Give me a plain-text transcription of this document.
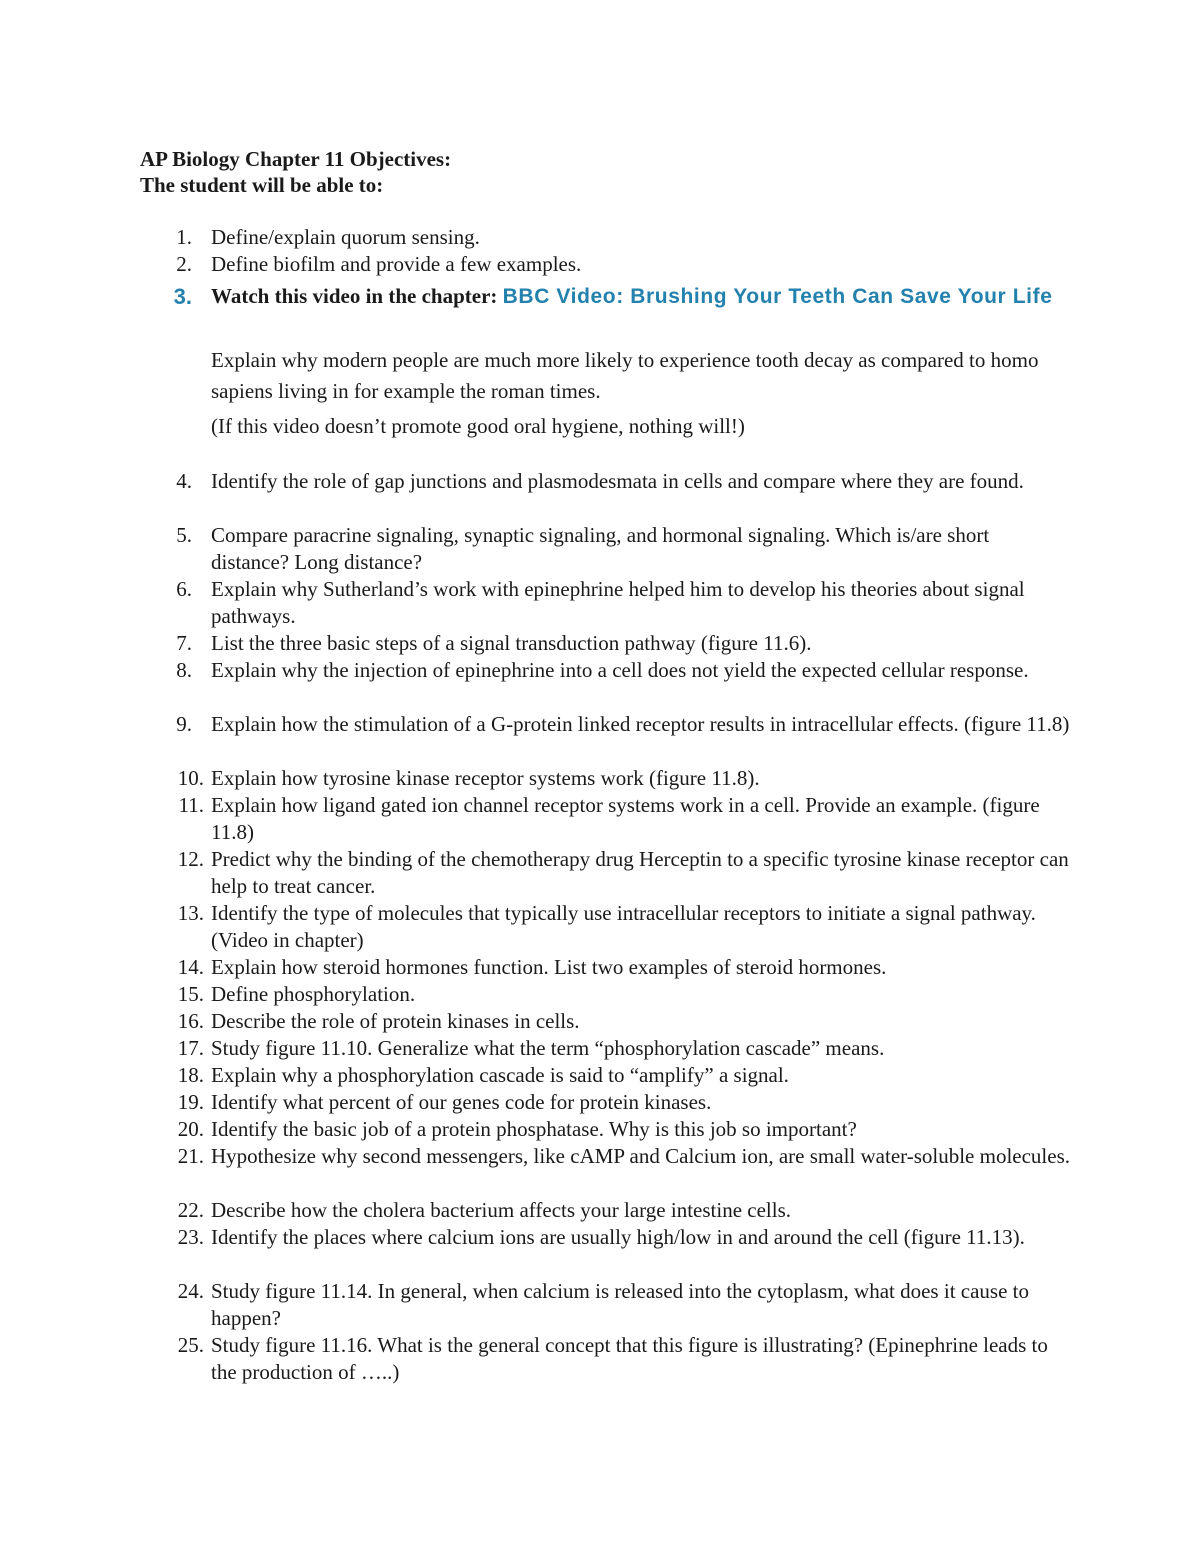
AP Biology Chapter 11 Objectives:
The student will be able to:
1. Define/explain quorum sensing.
2. Define biofilm and provide a few examples.
3. Watch this video in the chapter: BBC Video: Brushing Your Teeth Can Save Your Life
Explain why modern people are much more likely to experience tooth decay as compared to homo sapiens living in for example the roman times.
(If this video doesn’t promote good oral hygiene, nothing will!)
4. Identify the role of gap junctions and plasmodesmata in cells and compare where they are found.
5. Compare paracrine signaling, synaptic signaling, and hormonal signaling. Which is/are short distance? Long distance?
6. Explain why Sutherland’s work with epinephrine helped him to develop his theories about signal pathways.
7. List the three basic steps of a signal transduction pathway (figure 11.6).
8. Explain why the injection of epinephrine into a cell does not yield the expected cellular response.
9. Explain how the stimulation of a G-protein linked receptor results in intracellular effects. (figure 11.8)
10. Explain how tyrosine kinase receptor systems work (figure 11.8).
11. Explain how ligand gated ion channel receptor systems work in a cell. Provide an example. (figure 11.8)
12. Predict why the binding of the chemotherapy drug Herceptin to a specific tyrosine kinase receptor can help to treat cancer.
13. Identify the type of molecules that typically use intracellular receptors to initiate a signal pathway. (Video in chapter)
14. Explain how steroid hormones function. List two examples of steroid hormones.
15. Define phosphorylation.
16. Describe the role of protein kinases in cells.
17. Study figure 11.10. Generalize what the term “phosphorylation cascade” means.
18. Explain why a phosphorylation cascade is said to “amplify” a signal.
19. Identify what percent of our genes code for protein kinases.
20. Identify the basic job of a protein phosphatase. Why is this job so important?
21. Hypothesize why second messengers, like cAMP and Calcium ion, are small water-soluble molecules.
22. Describe how the cholera bacterium affects your large intestine cells.
23. Identify the places where calcium ions are usually high/low in and around the cell (figure 11.13).
24. Study figure 11.14. In general, when calcium is released into the cytoplasm, what does it cause to happen?
25. Study figure 11.16. What is the general concept that this figure is illustrating? (Epinephrine leads to the production of …..)
